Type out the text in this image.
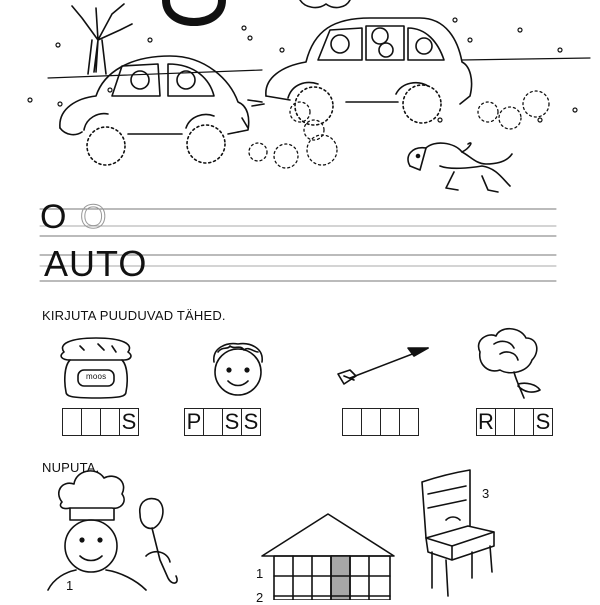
moos
O O
AUTO
KIRJUTA PUUDUVAD TÄHED.
S P S S	R S
NUPUTA.
1
1
2
3
